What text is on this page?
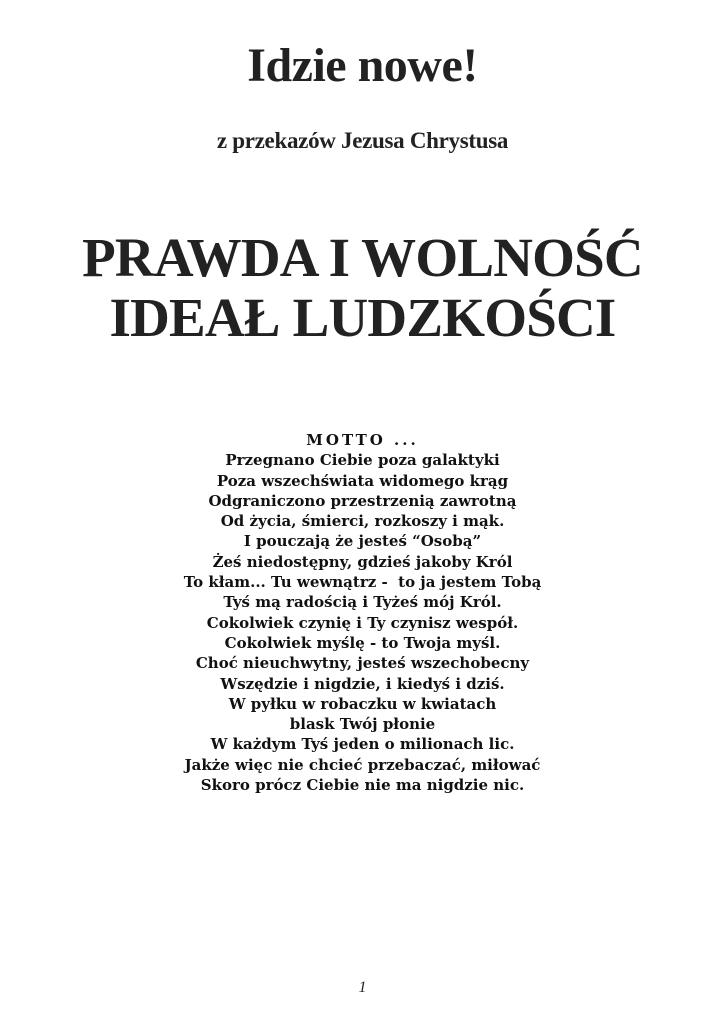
Idzie nowe!
z przekazów Jezusa Chrystusa
PRAWDA I WOLNOŚĆ
IDEAŁ LUDZKOŚCI
MOTTO ...
Przegnano Ciebie poza galaktyki
Poza wszechświata widomego krąg
Odgraniczono przestrzenią zawrotną
Od życia, śmierci, rozkoszy i mąk.
I pouczają że jesteś “Osobą”
Żeś niedostępny, gdzieś jakoby Król
To kłam... Tu wewnątrz -  to ja jestem Tobą
Tyś mą radością i Tyżeś mój Król.
Cokolwiek czynię i Ty czynisz wespół.
Cokolwiek myślę - to Twoja myśl.
Choć nieuchwytny, jesteś wszechobecny
Wszędzie i nigdzie, i kiedyś i dziś.
W pyłku w robaczku w kwiatach
blask Twój płonie
W każdym Tyś jeden o milionach lic.
Jakże więc nie chcieć przebaczać, miłować
Skoro prócz Ciebie nie ma nigdzie nic.
1
